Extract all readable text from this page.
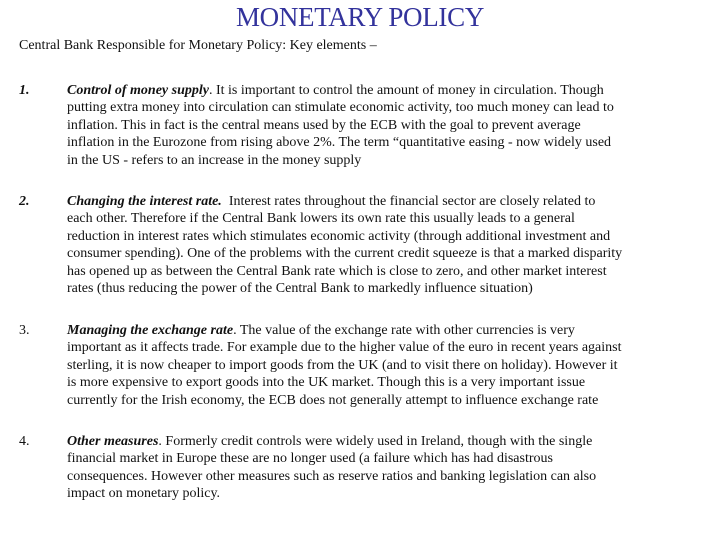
MONETARY POLICY
Central Bank Responsible for Monetary Policy: Key elements –
1.	Control of money supply. It is important to control the amount of money in circulation. Though
putting extra money into circulation can stimulate economic activity, too much money can lead to
inflation. This in fact is the central means used by the ECB with the goal to prevent average
inflation in the Eurozone from rising above 2%. The term “quantitative easing - now widely used
in the US - refers to an increase in the money supply
2.	Changing the interest rate.  Interest rates throughout the financial sector are closely related to
each other. Therefore if the Central Bank lowers its own rate this usually leads to a general
reduction in interest rates which stimulates economic activity (through additional investment and
consumer spending). One of the problems with the current credit squeeze is that a marked disparity
has opened up as between the Central Bank rate which is close to zero, and other market interest
rates (thus reducing the power of the Central Bank to markedly influence situation)
3.	Managing the exchange rate. The value of the exchange rate with other currencies is very
important as it affects trade. For example due to the higher value of the euro in recent years against
sterling, it is now cheaper to import goods from the UK (and to visit there on holiday). However it
is more expensive to export goods into the UK market. Though this is a very important issue
currently for the Irish economy, the ECB does not generally attempt to influence exchange rate
4.	Other measures. Formerly credit controls were widely used in Ireland, though with the single
financial market in Europe these are no longer used (a failure which has had disastrous
consequences. However other measures such as reserve ratios and banking legislation can also
impact on monetary policy.
